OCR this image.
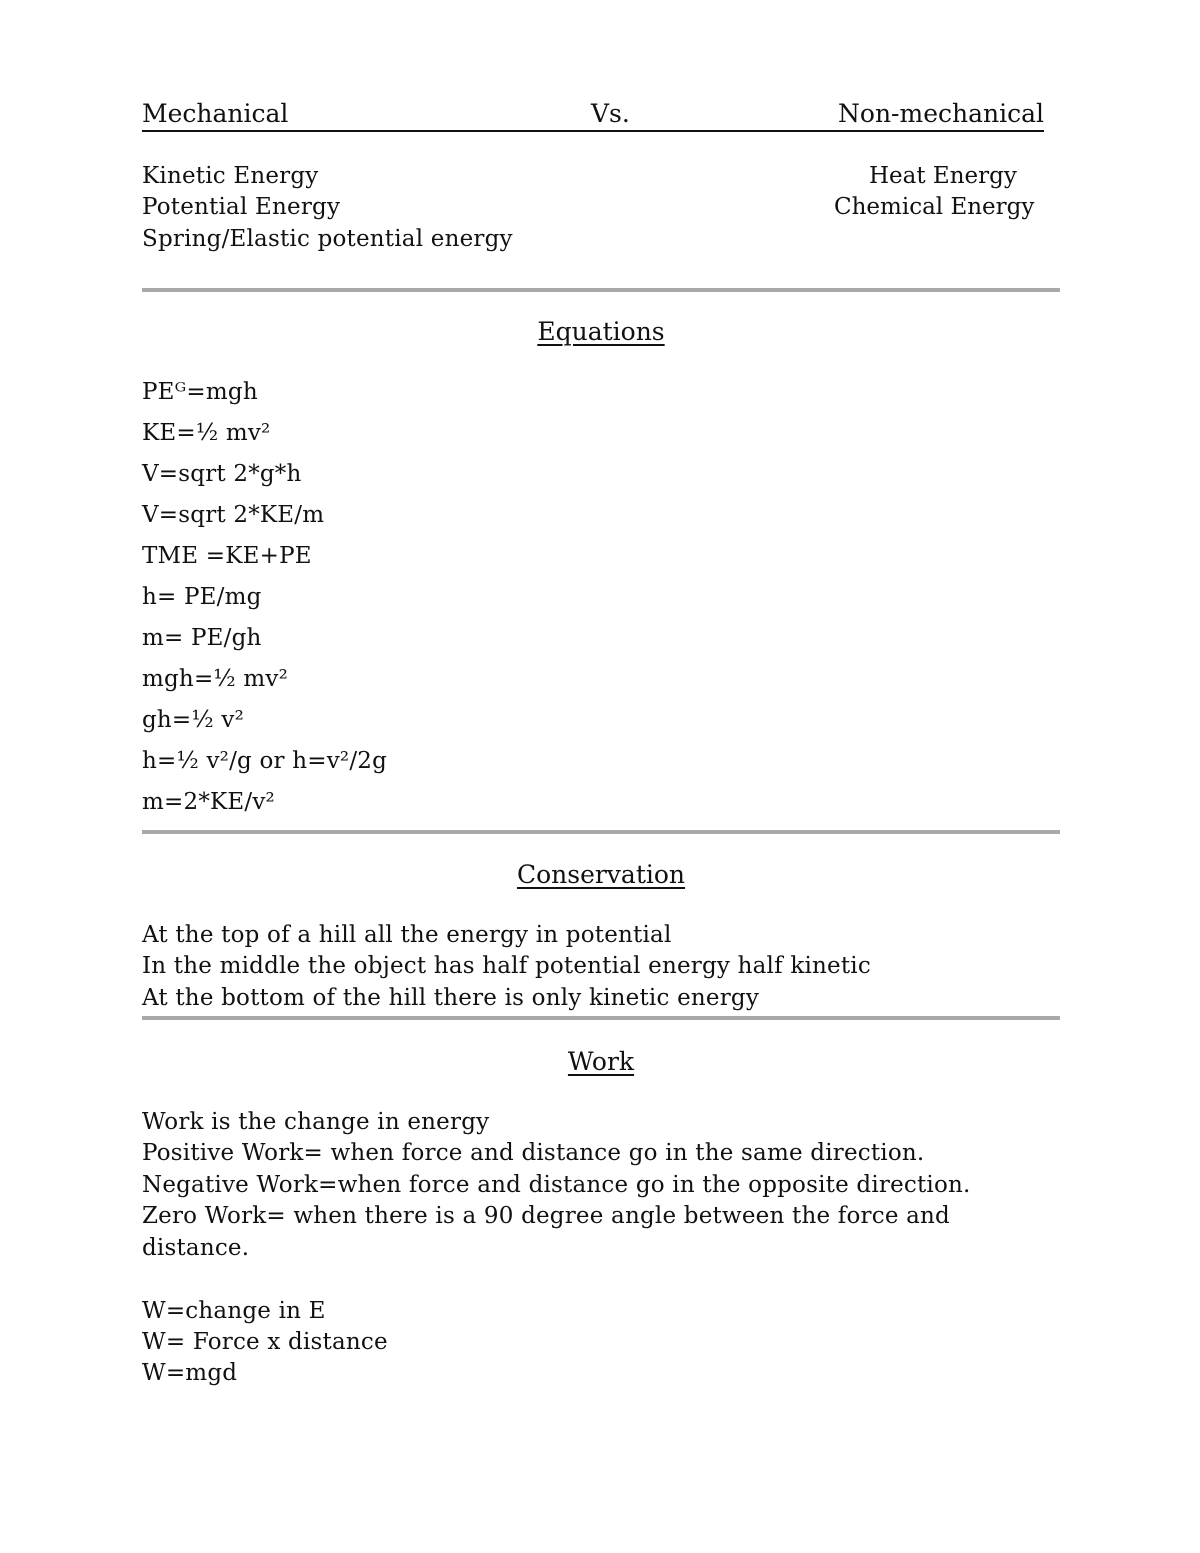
Mechanical	Vs.	Non-mechanical
Kinetic Energy
Potential Energy
Spring/Elastic potential energy
Heat Energy
Chemical Energy
Equations
PEᴳ=mgh
KE=½ mv²
V=sqrt 2*g*h
V=sqrt 2*KE/m
TME =KE+PE
h= PE/mg
m= PE/gh
mgh=½ mv²
gh=½ v²
h=½ v²/g or h=v²/2g
m=2*KE/v²
Conservation
At the top of a hill all the energy in potential
In the middle the object has half potential energy half kinetic
At the bottom of the hill there is only kinetic energy
Work
Work is the change in energy
Positive Work= when force and distance go in the same direction.
Negative Work=when force and distance go in the opposite direction.
Zero Work= when there is a 90 degree angle between the force and
distance.
W=change in E
W= Force x distance
W=mgd
